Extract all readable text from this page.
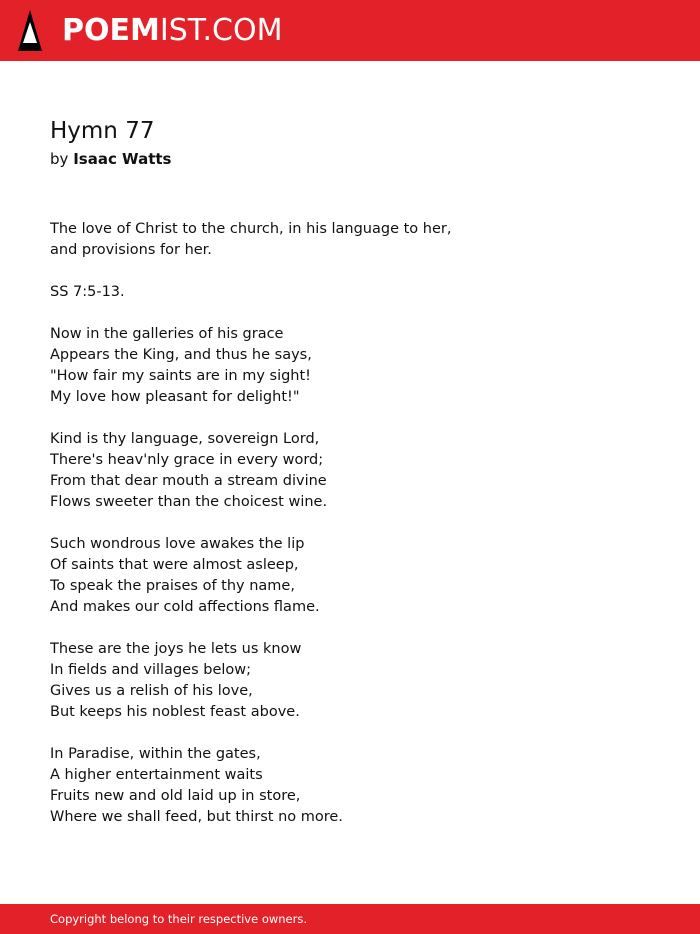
POEMIST.COM
Hymn 77
by Isaac Watts

The love of Christ to the church, in his language to her,
and provisions for her.

SS 7:5-13.

Now in the galleries of his grace
Appears the King, and thus he says,
"How fair my saints are in my sight!
My love how pleasant for delight!"

Kind is thy language, sovereign Lord,
There's heav'nly grace in every word;
From that dear mouth a stream divine
Flows sweeter than the choicest wine.

Such wondrous love awakes the lip
Of saints that were almost asleep,
To speak the praises of thy name,
And makes our cold affections flame.

These are the joys he lets us know
In fields and villages below;
Gives us a relish of his love,
But keeps his noblest feast above.

In Paradise, within the gates,
A higher entertainment waits
Fruits new and old laid up in store,
Where we shall feed, but thirst no more.

Copyright belong to their respective owners.
